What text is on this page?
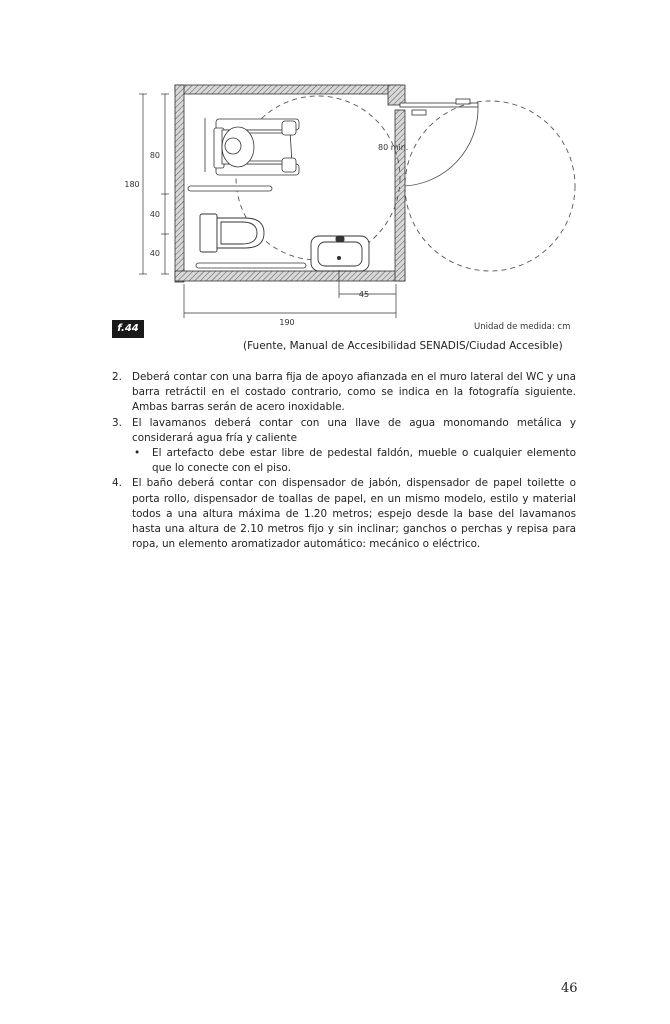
180
80
40
40
190
45
80 min.
f.44	Unidad de medida: cm
(Fuente, Manual de Accesibilidad SENADIS/Ciudad Accesible)
2. Deberá contar con una barra fija de apoyo afianzada en el muro lateral del WC y una barra retráctil en el costado contrario, como se indica en la fotografía siguiente. Ambas barras serán de acero inoxidable.
3. El lavamanos deberá contar con una llave de agua monomando metálica y considerará agua fría y caliente
• El artefacto debe estar libre de pedestal faldón, mueble o cualquier elemento que lo conecte con el piso.
4. El baño deberá contar con dispensador de jabón, dispensador de papel toilette o porta rollo, dispensador de toallas de papel, en un mismo modelo, estilo y material todos a una altura máxima de 1.20 metros; espejo desde la base del lavamanos hasta una altura de 2.10 metros fijo y sin inclinar; ganchos o perchas y repisa para ropa, un elemento aromatizador automático: mecánico o eléctrico.
46
